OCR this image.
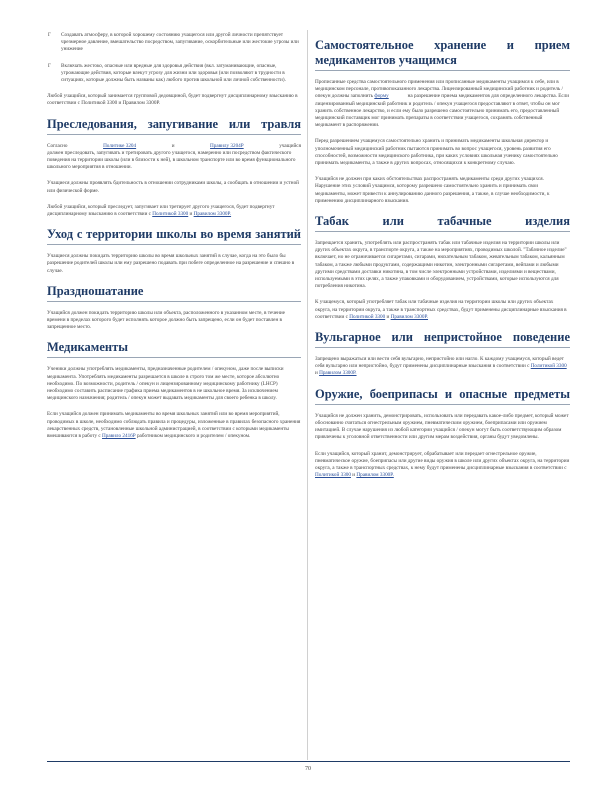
Г Создавать атмосферу, в которой хорошему состоянию учащегося или другой личности препятствует чрезмерное давление, вмешательство посредством, запугивание, оскорбительные или жестокие угрозы или унижение
Г Включать жестоко, опасные или вредные для здоровья действия (вкл. затуманивающие, опасные, угрожающие действия, которые влекут угрозу для жизни или здоровья (или позволяют в трудности в ситуациях, которые должны быть названы как) любого против школьной или личной собственности).

Любой учащийся, который занимается групповой дедовщиной, будет подвергнут дисциплинарному взысканию в соответствии с Политикой 3300 и Правилом 3300Р.

Преследования, запугивание или травля

Согласно	Политике 3204	и	Правилу 3204Р	учащийся
должен преследовать, запугивать и третировать другого учащегося, намеренно или посредством фактического поведения на территории школы (или в близости к ней), в школьном транспорте или во время функционального школьного мероприятия в отношении.

Учащиеся должны проявлять бдительность в отношении сотрудниками школы, а сообщать в отношении и устной или физической форме.

Любой учащийся, который преследует, запугивает или третирует другого учащегося, будет подвергнут дисциплинарному взысканию в соответствии с Политикой 3300 и Правилом 3300Р.

Уход с территории школы во время занятий

Учащиеся должны покидать территорию школы во время школьных занятий в случае, когда на это было бы разрешение родителей школы или ему разрешено подавать при побеге определенное на разрешение и спешно в случае.

Праздношатание

Учащийся должен покидать территорию школы или объекта, расположенного в указанном месте, в течение времени в пределах которого будет исполнять которое должно быть запрещено, если он будет поставлен в запрещенное место.

Медикаменты

Ученики должны употреблять медикаменты, предназначенные родителем / опекуном, даже после выписки медикамента. Употреблять медикаменты разрешается в школе в строго том же месте, которое абсолютно необходимо. По возможности, родитель / опекун и лицензированному медицинскому работнику (LHCP) необходимо составить расписание графика приема медикаментов в не школьное время. За исключением медицинского назначения; родитель / опекун может выдавать медикаменты для своего ребенка в школу.

Если учащийся должен принимать медикаменты во время школьных занятий или во время мероприятий, проводимых в школе, необходимо соблюдать правила и процедуры, изложенные в правилах безопасного хранения лекарственных средств, установленные школьной администрацией, в соответствии с которыми медикаменты вмешиваются в работу с Правило 2416Р работником медицинского и родителем / опекуном.

Самостоятельное хранение и прием медикаментов учащимся

Прописанные средства самостоятельного применения или прописанные медикаменты учащимся к себе, или в медицинском персонале, противопоказанного лекарства. Лицензированный медицинский работник и родитель / опекун должны заполнить форму	на разрешение приема медикаментов для определенного лекарства. Если лицензированный медицинский работник и родитель / опекун учащегося предоставляют в ответ, чтобы он мог хранить собственное лекарство, и если ему было разрешено самостоятельно принимать его, предоставленный медицинский поставщик мог принимать препараты в соответствии учащегося, сохранять собственный медикамент в распоряжении.

Перед разрешением учащемуся самостоятельно хранить и принимать медикаменты школьная директор и уполномоченный медицинский работник пытаются принимать во вопрос учащегося, уровень развития его способностей, возможности медицинского работника, при каких условиях школьная ученику самостоятельно принимать медикаменты, а также в других вопросах, относящихся к конкретному случаю.

Учащийся не должен при каких обстоятельствах распространять медикаменты среди других учащихся. Нарушение этих условий учащимся, которому разрешено самостоятельно хранить и принимать свои медикаменты, может привести к аннулированию данного разрешения, а также, в случае необходимости, к применению дисциплинарного взыскания.

Табак или табачные изделия

Запрещается хранить, употреблять или распространять табак или табачные изделия на территории школы или других объектах округа, в транспорте округа, а также на мероприятиях, проводимых школой. "Табачное изделие" включает, но не ограничивается сигаретами, сигарами, нюхательным табаком, жевательным табаком, кальянным табаком, а также любыми продуктами, содержащими никотин, электронными сигаретами, вейпами и любыми другими средствами доставки никотина, в том числе электронными устройствами, изделиями и веществами, используемыми в этих целях, а также упаковками и оборудованием, устройствами, которые используются для потребления никотина.

К учащемуся, который употребляет табак или табачные изделия на территории школы или других объектах округа, на территории округа, а также в транспортных средствах, будут применены дисциплинарные взыскания в соответствии с Политикой 3300 и Правилом 3300Р.

Вульгарное или непристойное поведение

Запрещено выражаться или вести себя вульгарно, непристойно или нагло. К каждому учащемуся, который ведет себя вульгарно или непристойно, будут применены дисциплинарные взыскания в соответствии с Политикой 3300 и Правилом 3300Р.

Оружие, боеприпасы и опасные предметы

Учащийся не должен хранить, демонстрировать, использовать или передавать какое-либо предмет, который может обоснованно считаться огнестрельным оружием, пневматическим оружием, боеприпасами или оружием имитацией. В случае нарушения из любой категории учащийся / опекун могут быть соответствующим образом привлечены к уголовной ответственности или другим мерам воздействия, органы будут уведомлены.

Если учащийся, который хранит, демонстрирует, обрабатывает или передает огнестрельное оружие, пневматическое оружие, боеприпасы или другие виды оружия в школе или других объектах округа, на территории округа, а также в транспортных средствах, к нему будут применены дисциплинарные взыскания в соответствии с Политикой 3300 и Правилом 3300Р.

70
